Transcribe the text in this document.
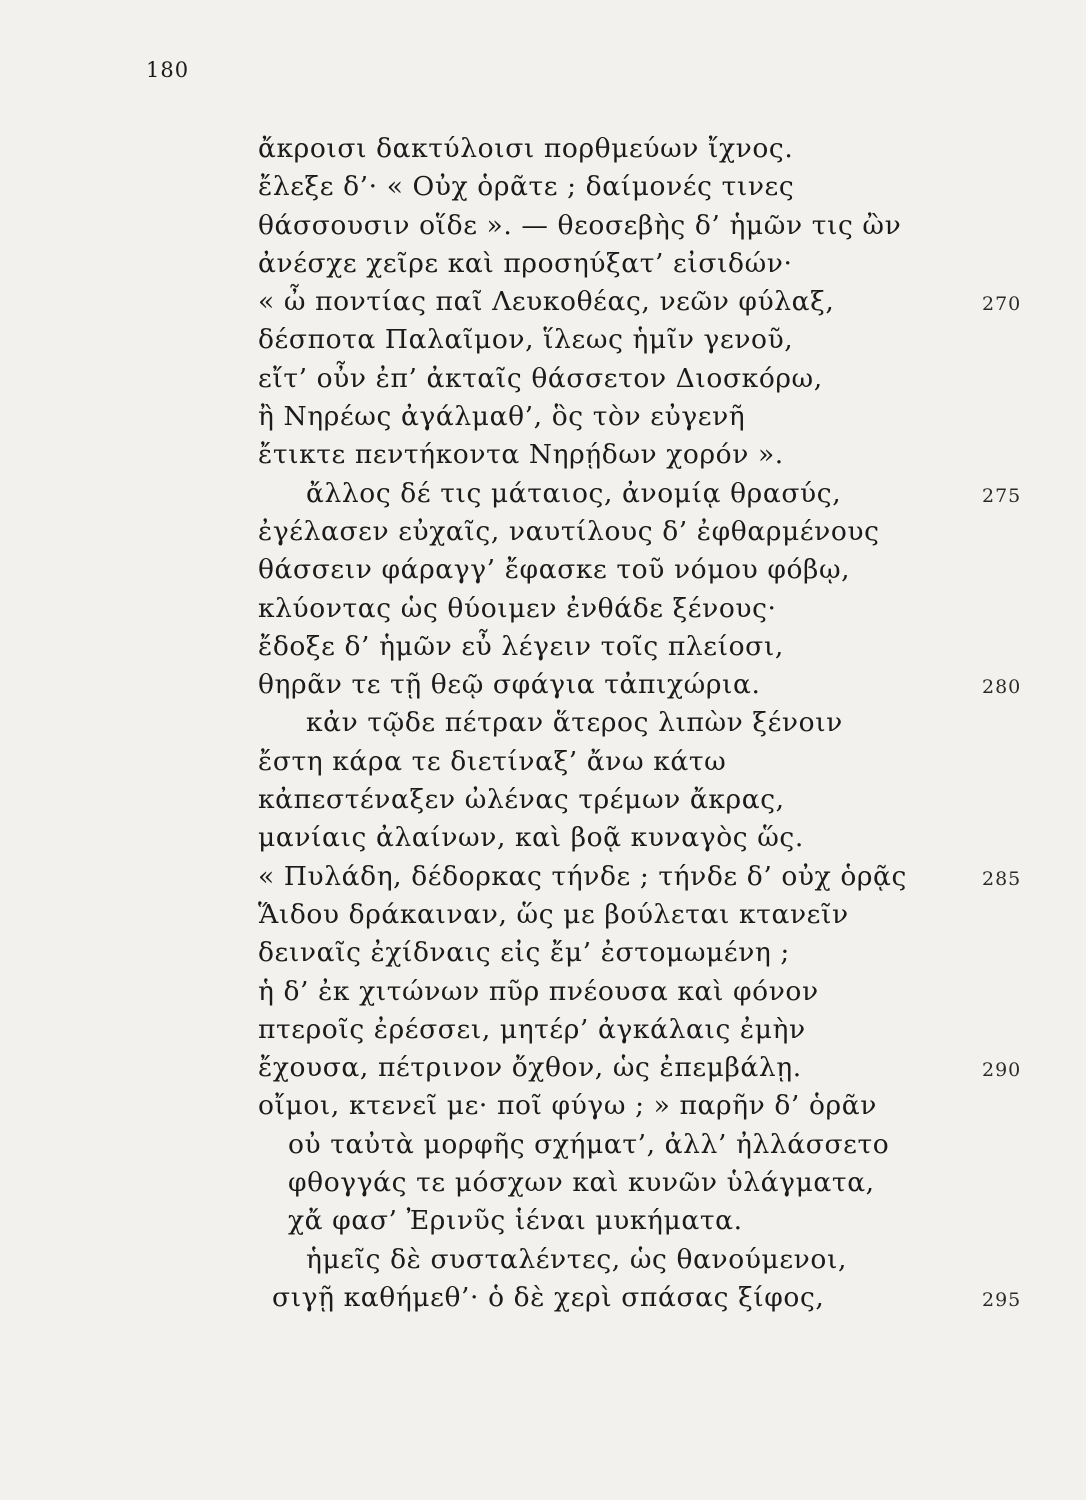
180
ἄκροισι δακτύλοισι πορθμεύων ἴχνος.
ἔλεξε δ’· « Οὐχ ὁρᾶτε ; δαίμονές τινες
θάσσουσιν οἵδε ». — θεοσεβὴς δ’ ἡμῶν τις ὢν
ἀνέσχε χεῖρε καὶ προσηύξατ’ εἰσιδών·
« ὦ ποντίας παῖ Λευκοθέας, νεῶν φύλαξ,	270
δέσποτα Παλαῖμον, ἵλεως ἡμῖν γενοῦ,
εἴτ’ οὖν ἐπ’ ἀκταῖς θάσσετον Διοσκόρω,
ἢ Νηρέως ἀγάλμαθ’, ὃς τὸν εὐγενῆ
ἔτικτε πεντήκοντα Νηρῄδων χορόν ».
ἄλλος δέ τις μάταιος, ἀνομίᾳ θρασύς,	275
ἐγέλασεν εὐχαῖς, ναυτίλους δ’ ἐφθαρμένους
θάσσειν φάραγγ’ ἔφασκε τοῦ νόμου φόβῳ,
κλύοντας ὡς θύοιμεν ἐνθάδε ξένους·
ἔδοξε δ’ ἡμῶν εὖ λέγειν τοῖς πλείοσι,
θηρᾶν τε τῇ θεῷ σφάγια τἀπιχώρια.	280
κἀν τῷδε πέτραν ἅτερος λιπὼν ξένοιν
ἔστη κάρα τε διετίναξ’ ἄνω κάτω
κἀπεστέναξεν ὠλένας τρέμων ἄκρας,
μανίαις ἀλαίνων, καὶ βοᾷ κυναγὸς ὥς.
« Πυλάδη, δέδορκας τήνδε ; τήνδε δ’ οὐχ ὁρᾷς	285
Ἅιδου δράκαιναν, ὥς με βούλεται κτανεῖν
δειναῖς ἐχίδναις εἰς ἔμ’ ἐστομωμένη ;
ἡ δ’ ἐκ χιτώνων πῦρ πνέουσα καὶ φόνον
πτεροῖς ἐρέσσει, μητέρ’ ἀγκάλαις ἐμὴν
ἔχουσα, πέτρινον ὄχθον, ὡς ἐπεμβάλῃ.	290
οἴμοι, κτενεῖ με· ποῖ φύγω ; » παρῆν δ’ ὁρᾶν
οὐ ταὐτὰ μορφῆς σχήματ’, ἀλλ’ ἠλλάσσετο
φθογγάς τε μόσχων καὶ κυνῶν ὑλάγματα,
χἄ φασ’ Ἐρινῦς ἱέναι μυκήματα.
ἡμεῖς δὲ συσταλέντες, ὡς θανούμενοι,
σιγῇ καθήμεθ’· ὁ δὲ χερὶ σπάσας ξίφος,	295
